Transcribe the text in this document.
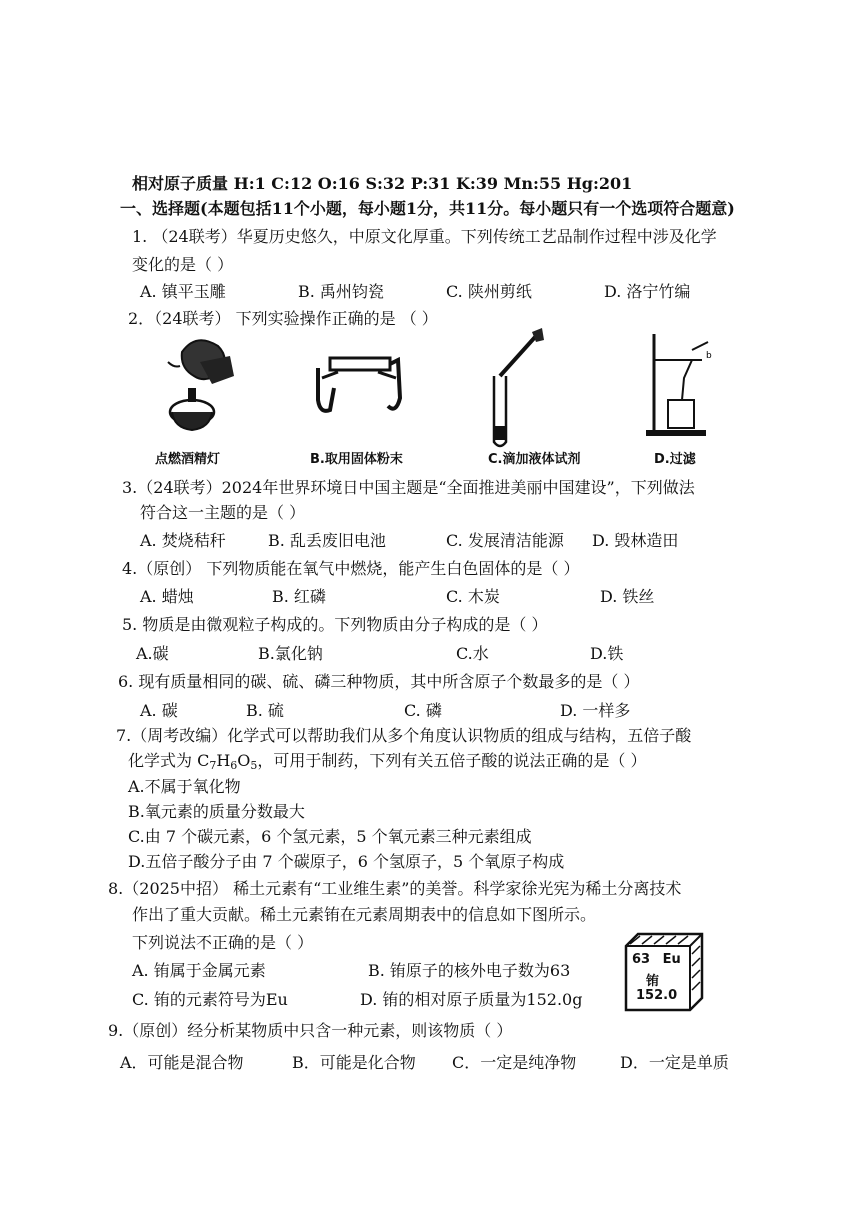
相对原子质量 H:1 C:12 O:16 S:32 P:31 K:39 Mn:55 Hg:201
一、选择题(本题包括11个小题，每小题1分，共11分。每小题只有一个选项符合题意)
1. （24联考）华夏历史悠久，中原文化厚重。下列传统工艺品制作过程中涉及化学
变化的是（ ）
A. 镇平玉雕	B. 禹州钧瓷	C. 陕州剪纸	D. 洛宁竹编
2．（24联考） 下列实验操作正确的是 （ ）
b
点燃酒精灯	B.取用固体粉末	C.滴加液体试剂	D.过滤
3.（24联考）2024年世界环境日中国主题是“全面推进美丽中国建设”，下列做法
符合这一主题的是（ ）
A. 焚烧秸秆	B. 乱丢废旧电池	C. 发展清洁能源 D. 毁林造田
4.（原创） 下列物质能在氧气中燃烧，能产生白色固体的是（ ）
A. 蜡烛	B. 红磷	C. 木炭	D. 铁丝
5. 物质是由微观粒子构成的。下列物质由分子构成的是（ ）
A.碳	B.氯化钠	C.水	D.铁
6. 现有质量相同的碳、硫、磷三种物质，其中所含原子个数最多的是（ ）
A. 碳	B. 硫	C. 磷	D. 一样多
7.（周考改编）化学式可以帮助我们从多个角度认识物质的组成与结构，五倍子酸
化学式为 $C_7H_6O_5$，可用于制药，下列有关五倍子酸的说法正确的是（ ）
A.不属于氧化物
B.氧元素的质量分数最大
C.由 7 个碳元素，6 个氢元素，5 个氧元素三种元素组成
D.五倍子酸分子由 7 个碳原子，6 个氢原子，5 个氧原子构成
8.（2025中招） 稀土元素有“工业维生素”的美誉。科学家徐光宪为稀土分离技术
作出了重大贡献。稀土元素铕在元素周期表中的信息如下图所示。
下列说法不正确的是（ ）
A. 铕属于金属元素	B. 铕原子的核外电子数为63
C. 铕的元素符号为Eu	D. 铕的相对原子质量为152.0g
63 Eu
铕
152.0
9.（原创）经分析某物质中只含一种元素，则该物质（ ）
A．可能是混合物	B．可能是化合物 C．一定是纯净物	D．一定是单质
